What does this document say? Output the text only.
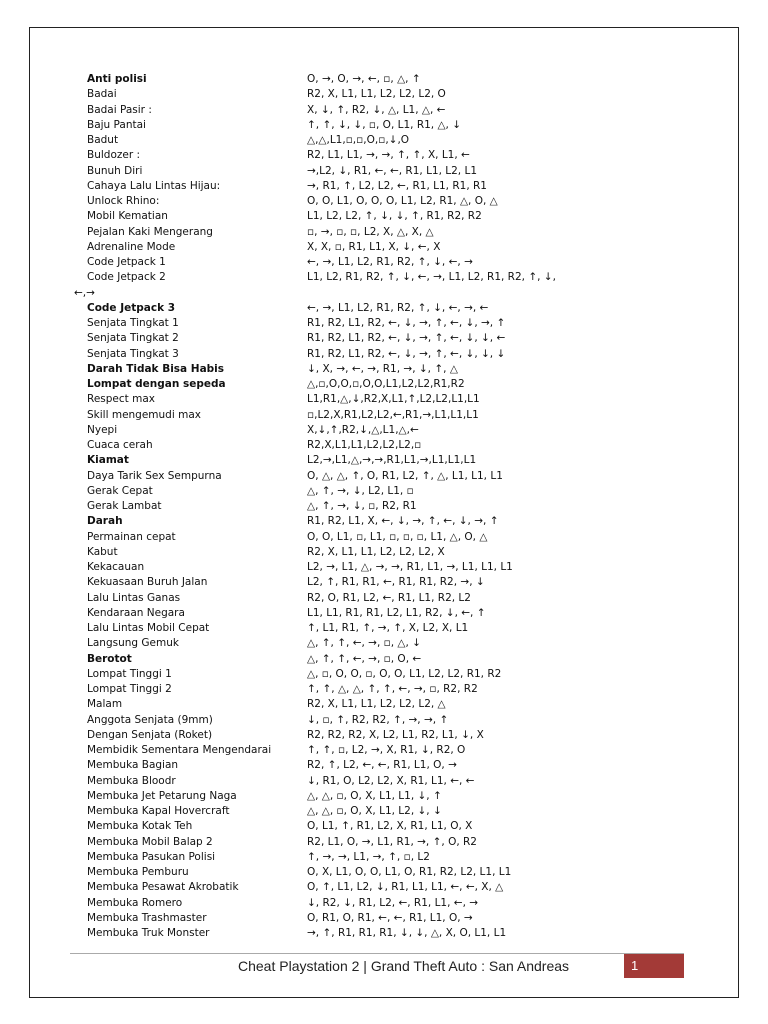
Anti polisi	O, →, O, →, ←, ▫, △, ↑
Badai	R2, X, L1, L1, L2, L2, L2, O
Badai Pasir :	X, ↓, ↑, R2, ↓, △, L1, △, ←
Baju Pantai	↑, ↑, ↓, ↓, ▫, O, L1, R1, △, ↓
Badut	△,△,L1,▫,▫,O,▫,↓,O
Buldozer :	R2, L1, L1, →, →, ↑, ↑, X, L1, ←
Bunuh Diri	→,L2, ↓, R1, ←, ←, R1, L1, L2, L1
Cahaya Lalu Lintas Hijau:	→, R1, ↑, L2, L2, ←, R1, L1, R1, R1
Unlock Rhino:	O, O, L1, O, O, O, L1, L2, R1, △, O, △
Mobil Kematian	L1, L2, L2, ↑, ↓, ↓, ↑, R1, R2, R2
Pejalan Kaki Mengerang	▫, →, ▫, ▫, L2, X, △, X, △
Adrenaline Mode	X, X, ▫, R1, L1, X, ↓, ←, X
Code Jetpack 1	←, →, L1, L2, R1, R2, ↑, ↓, ←, →
Code Jetpack 2	L1, L2, R1, R2, ↑, ↓, ←, →, L1, L2, R1, R2, ↑, ↓,
←,→
Code Jetpack 3	←, →, L1, L2, R1, R2, ↑, ↓, ←, →, ←
Senjata Tingkat 1	R1, R2, L1, R2, ←, ↓, →, ↑, ←, ↓, →, ↑
Senjata Tingkat 2	R1, R2, L1, R2, ←, ↓, →, ↑, ←, ↓, ↓, ←
Senjata Tingkat 3	R1, R2, L1, R2, ←, ↓, →, ↑, ←, ↓, ↓, ↓
Darah Tidak Bisa Habis	↓, X, →, ←, →, R1, →, ↓, ↑, △
Lompat dengan sepeda	△,▫,O,O,▫,O,O,L1,L2,L2,R1,R2
Respect max	L1,R1,△,↓,R2,X,L1,↑,L2,L2,L1,L1
Skill mengemudi max	▫,L2,X,R1,L2,L2,←,R1,→,L1,L1,L1
Nyepi	X,↓,↑,R2,↓,△,L1,△,←
Cuaca cerah	R2,X,L1,L1,L2,L2,L2,▫
Kiamat	L2,→,L1,△,→,→,R1,L1,→,L1,L1,L1
Daya Tarik Sex Sempurna	O, △, △, ↑, O, R1, L2, ↑, △, L1, L1, L1
Gerak Cepat	△, ↑, →, ↓, L2, L1, ▫
Gerak Lambat	△, ↑, →, ↓, ▫, R2, R1
Darah	R1, R2, L1, X, ←, ↓, →, ↑, ←, ↓, →, ↑
Permainan cepat	O, O, L1, ▫, L1, ▫, ▫, ▫, L1, △, O, △
Kabut	R2, X, L1, L1, L2, L2, L2, X
Kekacauan	L2, →, L1, △, →, →, R1, L1, →, L1, L1, L1
Kekuasaan Buruh Jalan	L2, ↑, R1, R1, ←, R1, R1, R2, →, ↓
Lalu Lintas Ganas	R2, O, R1, L2, ←, R1, L1, R2, L2
Kendaraan Negara	L1, L1, R1, R1, L2, L1, R2, ↓, ←, ↑
Lalu Lintas Mobil Cepat	↑, L1, R1, ↑, →, ↑, X, L2, X, L1
Langsung Gemuk	△, ↑, ↑, ←, →, ▫, △, ↓
Berotot	△, ↑, ↑, ←, →, ▫, O, ←
Lompat Tinggi 1	△, ▫, O, O, ▫, O, O, L1, L2, L2, R1, R2
Lompat Tinggi 2	↑, ↑, △, △, ↑, ↑, ←, →, ▫, R2, R2
Malam	R2, X, L1, L1, L2, L2, L2, △
Anggota Senjata (9mm)	↓, ▫, ↑, R2, R2, ↑, →, →, ↑
Dengan Senjata (Roket)	R2, R2, R2, X, L2, L1, R2, L1, ↓, X
Membidik Sementara Mengendarai	↑, ↑, ▫, L2, →, X, R1, ↓, R2, O
Membuka Bagian	R2, ↑, L2, ←, ←, R1, L1, O, →
Membuka Bloodr	↓, R1, O, L2, L2, X, R1, L1, ←, ←
Membuka Jet Petarung Naga	△, △, ▫, O, X, L1, L1, ↓, ↑
Membuka Kapal Hovercraft	△, △, ▫, O, X, L1, L2, ↓, ↓
Membuka Kotak Teh	O, L1, ↑, R1, L2, X, R1, L1, O, X
Membuka Mobil Balap 2	R2, L1, O, →, L1, R1, →, ↑, O, R2
Membuka Pasukan Polisi	↑, →, →, L1, →, ↑, ▫, L2
Membuka Pemburu	O, X, L1, O, O, L1, O, R1, R2, L2, L1, L1
Membuka Pesawat Akrobatik	O, ↑, L1, L2, ↓, R1, L1, L1, ←, ←, X, △
Membuka Romero	↓, R2, ↓, R1, L2, ←, R1, L1, ←, →
Membuka Trashmaster	O, R1, O, R1, ←, ←, R1, L1, O, →
Membuka Truk Monster	→, ↑, R1, R1, R1, ↓, ↓, △, X, O, L1, L1
Cheat Playstation 2 | Grand Theft Auto : San Andreas	1
